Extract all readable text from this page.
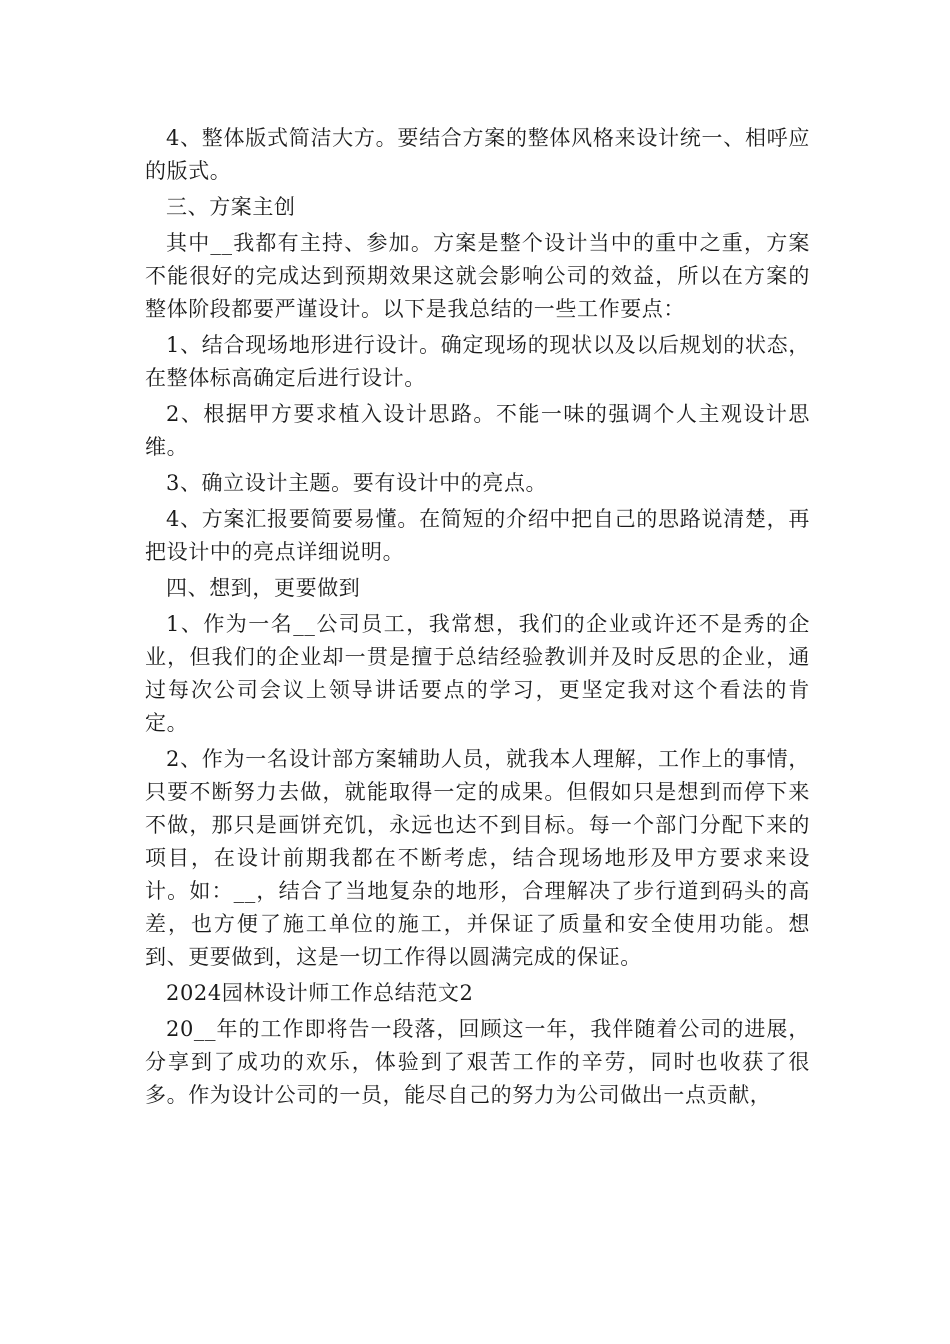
4、整体版式简洁大方。要结合方案的整体风格来设计统一、相呼应的版式。

三、方案主创

其中__我都有主持、参加。方案是整个设计当中的重中之重，方案不能很好的完成达到预期效果这就会影响公司的效益，所以在方案的整体阶段都要严谨设计。以下是我总结的一些工作要点：

1、结合现场地形进行设计。确定现场的现状以及以后规划的状态，在整体标高确定后进行设计。

2、根据甲方要求植入设计思路。不能一味的强调个人主观设计思维。

3、确立设计主题。要有设计中的亮点。

4、方案汇报要简要易懂。在简短的介绍中把自己的思路说清楚，再把设计中的亮点详细说明。

四、想到，更要做到

1、作为一名__公司员工，我常想，我们的企业或许还不是秀的企业，但我们的企业却一贯是擅于总结经验教训并及时反思的企业，通过每次公司会议上领导讲话要点的学习，更坚定我对这个看法的肯定。

2、作为一名设计部方案辅助人员，就我本人理解，工作上的事情，只要不断努力去做，就能取得一定的成果。但假如只是想到而停下来不做，那只是画饼充饥，永远也达不到目标。每一个部门分配下来的项目，在设计前期我都在不断考虑，结合现场地形及甲方要求来设计。如：__，结合了当地复杂的地形，合理解决了步行道到码头的高差，也方便了施工单位的施工，并保证了质量和安全使用功能。想到、更要做到，这是一切工作得以圆满完成的保证。

2024园林设计师工作总结范文2

20__年的工作即将告一段落，回顾这一年，我伴随着公司的进展，分享到了成功的欢乐，体验到了艰苦工作的辛劳，同时也收获了很多。作为设计公司的一员，能尽自己的努力为公司做出一点贡献，
